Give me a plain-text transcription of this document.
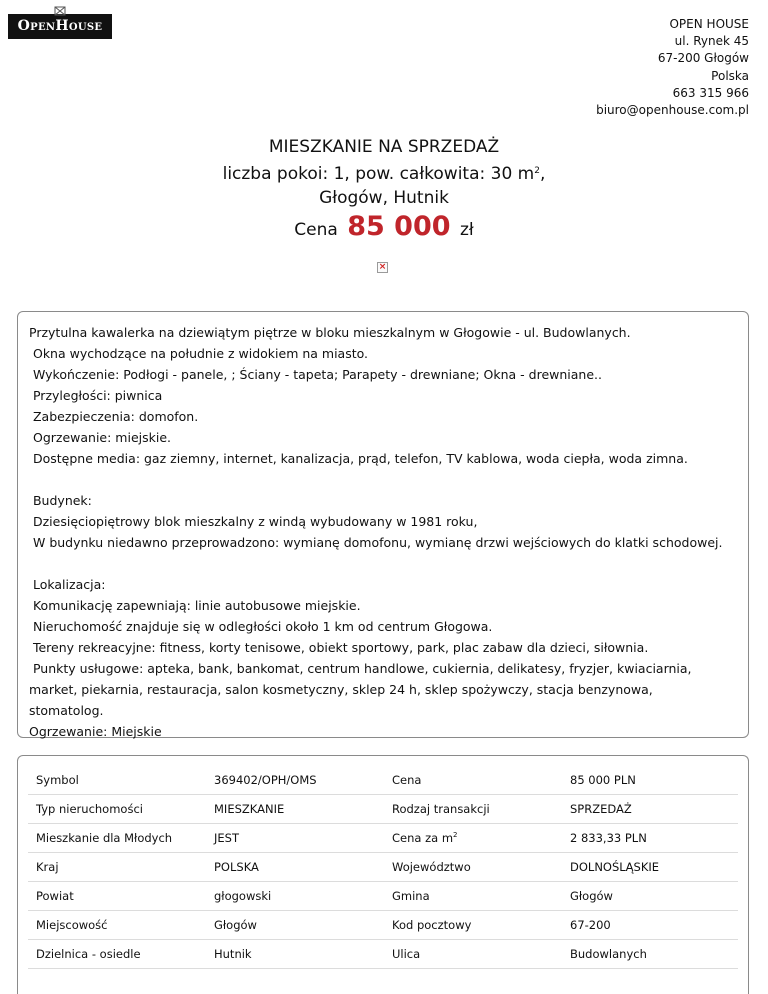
OpenHouse	OPEN HOUSE
ul. Rynek 45
67-200 Głogów
Polska
663 315 966
biuro@openhouse.com.pl
MIESZKANIE NA SPRZEDAŻ
liczba pokoi: 1, pow. całkowita: 30 $m^2$,
Głogów, Hutnik
Cena 85 000 zł
×
Przytulna kawalerka na dziewiątym piętrze w bloku mieszkalnym w Głogowie - ul. Budowlanych.
Okna wychodzące na południe z widokiem na miasto.
Wykończenie: Podłogi - panele, ; Ściany - tapeta; Parapety - drewniane; Okna - drewniane..
Przyległości: piwnica
Zabezpieczenia: domofon.
Ogrzewanie: miejskie.
Dostępne media: gaz ziemny, internet, kanalizacja, prąd, telefon, TV kablowa, woda ciepła, woda zimna.
Budynek:
Dziesięciopiętrowy blok mieszkalny z windą wybudowany w 1981 roku,
W budynku niedawno przeprowadzono: wymianę domofonu, wymianę drzwi wejściowych do klatki schodowej.
Lokalizacja:
Komunikację zapewniają: linie autobusowe miejskie.
Nieruchomość znajduje się w odległości około 1 km od centrum Głogowa.
Tereny rekreacyjne: fitness, korty tenisowe, obiekt sportowy, park, plac zabaw dla dzieci, siłownia.
Punkty usługowe: apteka, bank, bankomat, centrum handlowe, cukiernia, delikatesy, fryzjer, kwiaciarnia,
market, piekarnia, restauracja, salon kosmetyczny, sklep 24 h, sklep spożywczy, stacja benzynowa,
stomatolog.
Ogrzewanie: Miejskie
Symbol	369402/OPH/OMS	Cena	85 000 PLN
Typ nieruchomości	MIESZKANIE	Rodzaj transakcji	SPRZEDAŻ
Mieszkanie dla Młodych	JEST	Cena za $m^2$	2 833,33 PLN
Kraj	POLSKA	Województwo	DOLNOŚLĄSKIE
Powiat	głogowski	Gmina	Głogów
Miejscowość	Głogów	Kod pocztowy	67-200
Dzielnica - osiedle	Hutnik	Ulica	Budowlanych
